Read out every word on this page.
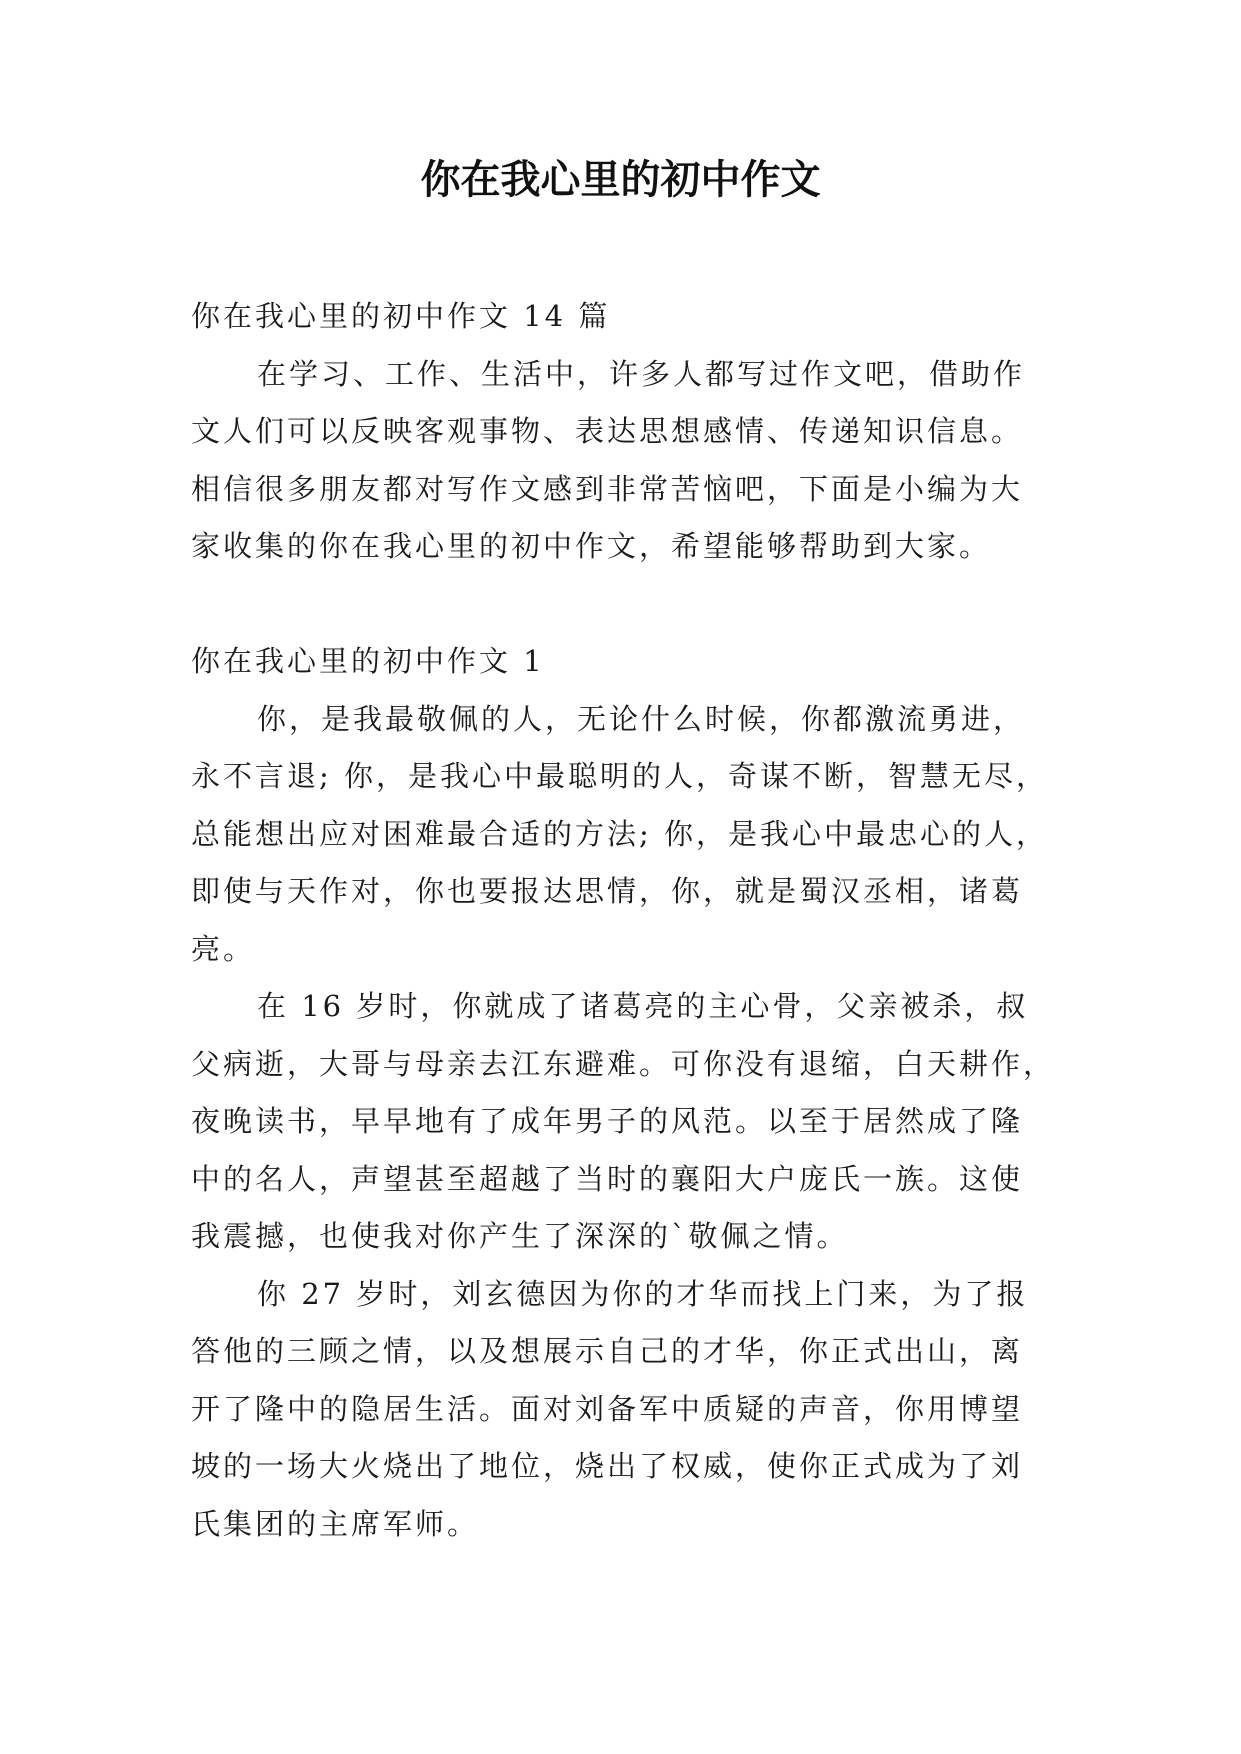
你在我心里的初中作文

你在我心里的初中作文 14 篇

在学习、工作、生活中，许多人都写过作文吧，借助作
文人们可以反映客观事物、表达思想感情、传递知识信息。
相信很多朋友都对写作文感到非常苦恼吧，下面是小编为大
家收集的你在我心里的初中作文，希望能够帮助到大家。

你在我心里的初中作文 1

你，是我最敬佩的人，无论什么时候，你都激流勇进，
永不言退; 你，是我心中最聪明的人，奇谋不断，智慧无尽，
总能想出应对困难最合适的方法; 你，是我心中最忠心的人，
即使与天作对，你也要报达思情，你，就是蜀汉丞相，诸葛
亮。

在 16 岁时，你就成了诸葛亮的主心骨，父亲被杀，叔
父病逝，大哥与母亲去江东避难。可你没有退缩，白天耕作，
夜晚读书，早早地有了成年男子的风范。以至于居然成了隆
中的名人，声望甚至超越了当时的襄阳大户庞氏一族。这使
我震撼，也使我对你产生了深深的`敬佩之情。

你 27 岁时，刘玄德因为你的才华而找上门来，为了报
答他的三顾之情，以及想展示自己的才华，你正式出山，离
开了隆中的隐居生活。面对刘备军中质疑的声音，你用博望
坡的一场大火烧出了地位，烧出了权威，使你正式成为了刘
氏集团的主席军师。
